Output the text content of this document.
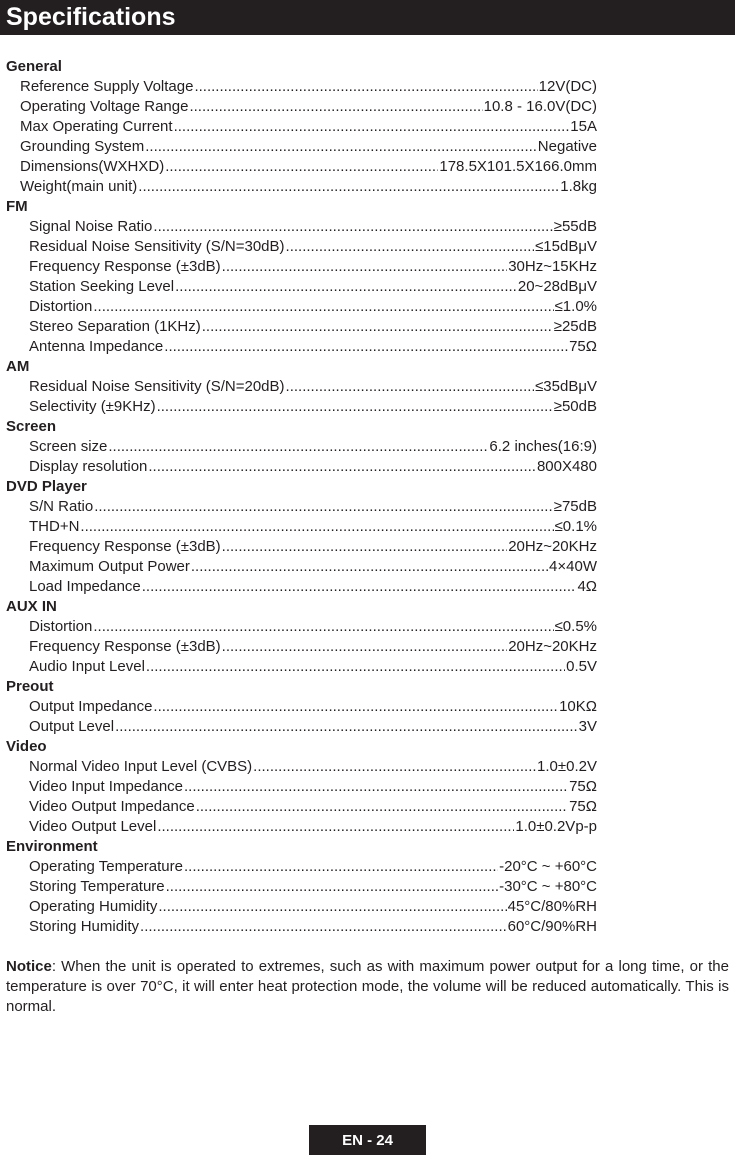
Specifications
General
Reference Supply Voltage .....	12V(DC)
Operating Voltage Range .....	10.8 - 16.0V(DC)
Max Operating Current .....	15A
Grounding System .....	Negative
Dimensions(WXHXD) .....	178.5X101.5X166.0mm
Weight(main unit) .....	1.8kg
FM
Signal Noise Ratio .....	≥55dB
Residual Noise Sensitivity (S/N=30dB) .....	≤15dBμV
Frequency Response (±3dB) .....	30Hz~15KHz
Station Seeking Level .....	20~28dBμV
Distortion .....	≤1.0%
Stereo Separation (1KHz) .....	≥25dB
Antenna Impedance .....	75Ω
AM
Residual Noise Sensitivity (S/N=20dB) .....	≤35dBμV
Selectivity (±9KHz) .....	≥50dB
Screen
Screen size .....	6.2 inches(16:9)
Display resolution .....	800X480
DVD Player
S/N Ratio .....	≥75dB
THD+N .....	≤0.1%
Frequency Response (±3dB) .....	20Hz~20KHz
Maximum Output Power .....	4×40W
Load Impedance .....	4Ω
AUX IN
Distortion .....	≤0.5%
Frequency Response (±3dB) .....	20Hz~20KHz
Audio Input Level .....	0.5V
Preout
Output Impedance .....	10KΩ
Output Level .....	3V
Video
Normal Video Input Level (CVBS) .....	1.0±0.2V
Video Input Impedance .....	75Ω
Video Output Impedance .....	75Ω
Video Output Level .....	1.0±0.2Vp-p
Environment
Operating Temperature .....	-20°C ~ +60°C
Storing Temperature .....	-30°C ~ +80°C
Operating Humidity .....	45°C/80%RH
Storing Humidity .....	60°C/90%RH
Notice: When the unit is operated to extremes, such as with maximum power output for a long time, or the temperature is over 70°C, it will enter heat protection mode, the volume will be reduced automatically. This is normal.
EN - 24
